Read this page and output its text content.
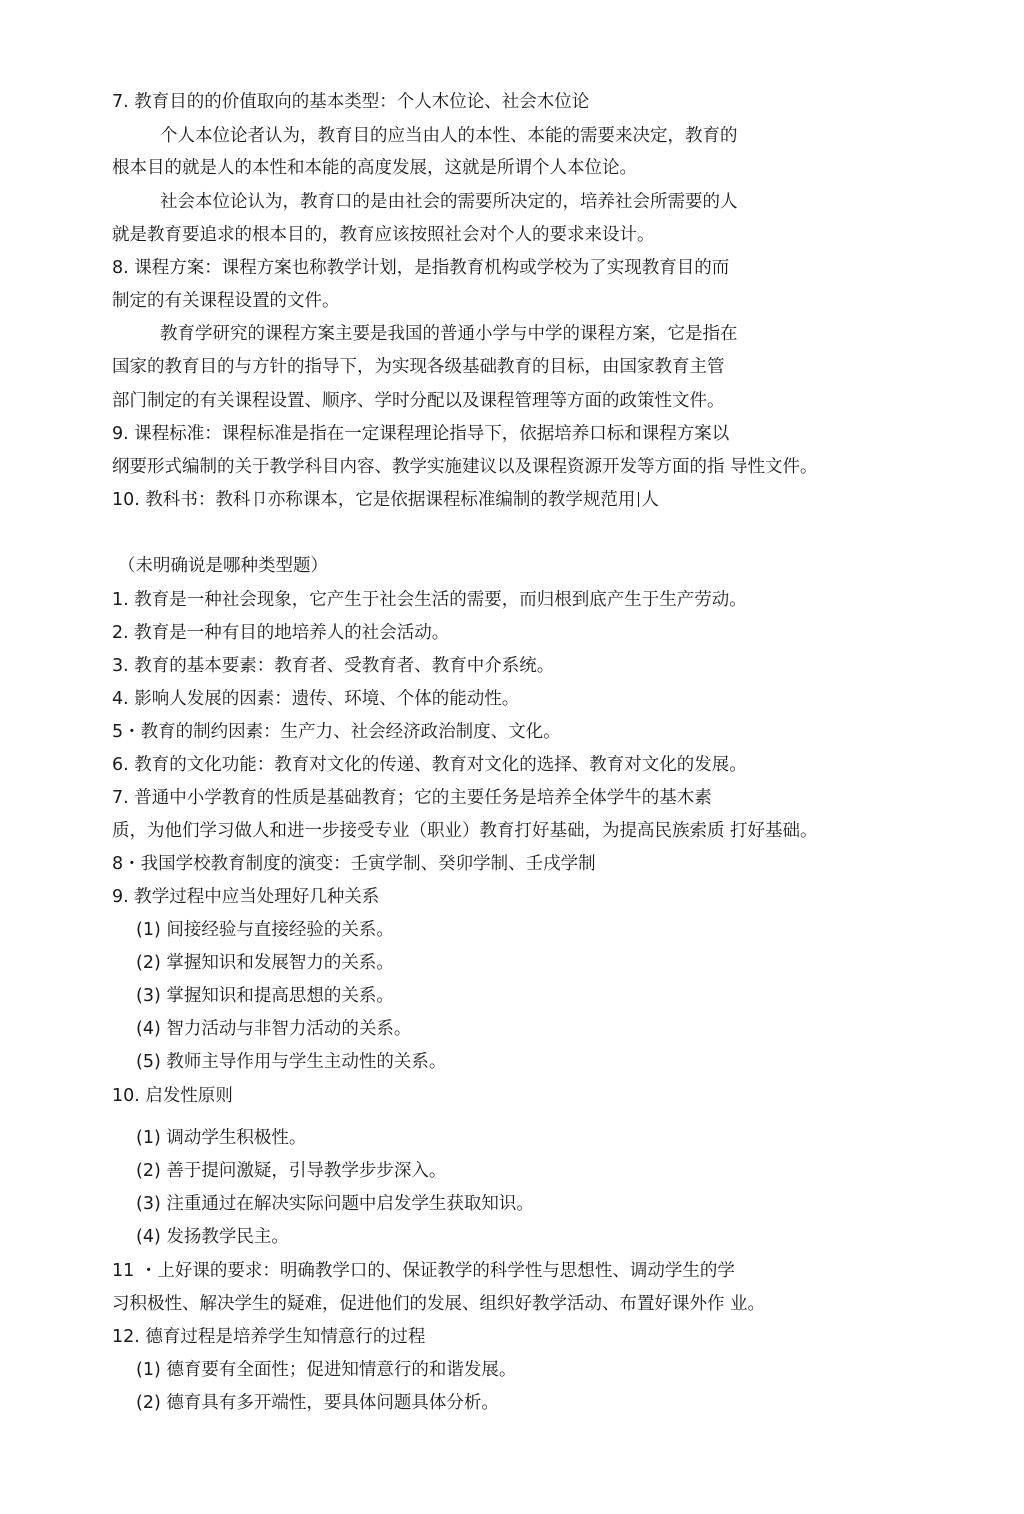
7. 教育目的的价值取向的基本类型：个人木位论、社会木位论
个人本位论者认为，教育目的应当由人的本性、本能的需要来决定，教育的
根本目的就是人的本性和本能的高度发展，这就是所谓个人本位论。
社会本位论认为，教育口的是由社会的需要所决定的，培养社会所需要的人
就是教育要追求的根本目的，教育应该按照社会对个人的要求来设计。
8. 课程方案：课程方案也称教学计划，是指教育机构或学校为了实现教育目的而
制定的有关课程设置的文件。
教育学研究的课程方案主要是我国的普通小学与中学的课程方案，它是指在
国家的教育目的与方针的指导下，为实现各级基础教育的目标，由国家教育主管
部门制定的有关课程设置、顺序、学时分配以及课程管理等方面的政策性文件。
9. 课程标准：课程标准是指在一定课程理论指导下，依据培养口标和课程方案以
纲要形式编制的关于教学科目内容、教学实施建议以及课程资源开发等方面的指 导性文件。
10. 教科书：教科卩亦称课本，它是依据课程标准编制的教学规范用 人
（未明确说是哪种类型题）
1. 教育是一种社会现象，它产生于社会生活的需要，而归根到底产生于生产劳动。
2. 教育是一种有目的地培养人的社会活动。
3. 教育的基本要素：教育者、受教育者、教育中介系统。
4. 影响人发展的因素：遗传、环境、个体的能动性。
5・教育的制约因素：生产力、社会经济政治制度、文化。
6. 教育的文化功能：教育对文化的传递、教育对文化的选择、教育对文化的发展。
7. 普通中小学教育的性质是基础教育；它的主要任务是培养全体学牛的基木素
质，为他们学习做人和进一步接受专业（职业）教育打好基础，为提高民族索质 打好基础。
8・我国学校教育制度的演变：壬寅学制、癸卯学制、壬戌学制
9. 教学过程中应当处理好几种关系
(1) 间接经验与直接经验的关系。
(2) 掌握知识和发展智力的关系。
(3) 掌握知识和提高思想的关系。
(4) 智力活动与非智力活动的关系。
(5) 教师主导作用与学生主动性的关系。
10. 启发性原则
(1) 调动学生积极性。
(2) 善于提问激疑，引导教学步步深入。
(3) 注重通过在解决实际问题中启发学生获取知识。
(4) 发扬教学民主。
11 ・上好课的要求：明确教学口的、保证教学的科学性与思想性、调动学生的学
习积极性、解决学生的疑难，促进他们的发展、组织好教学活动、布置好课外作 业。
12. 德育过程是培养学生知情意行的过程
(1) 德育要有全面性；促进知情意行的和谐发展。
(2) 德育具有多开端性，要具体问题具体分析。
